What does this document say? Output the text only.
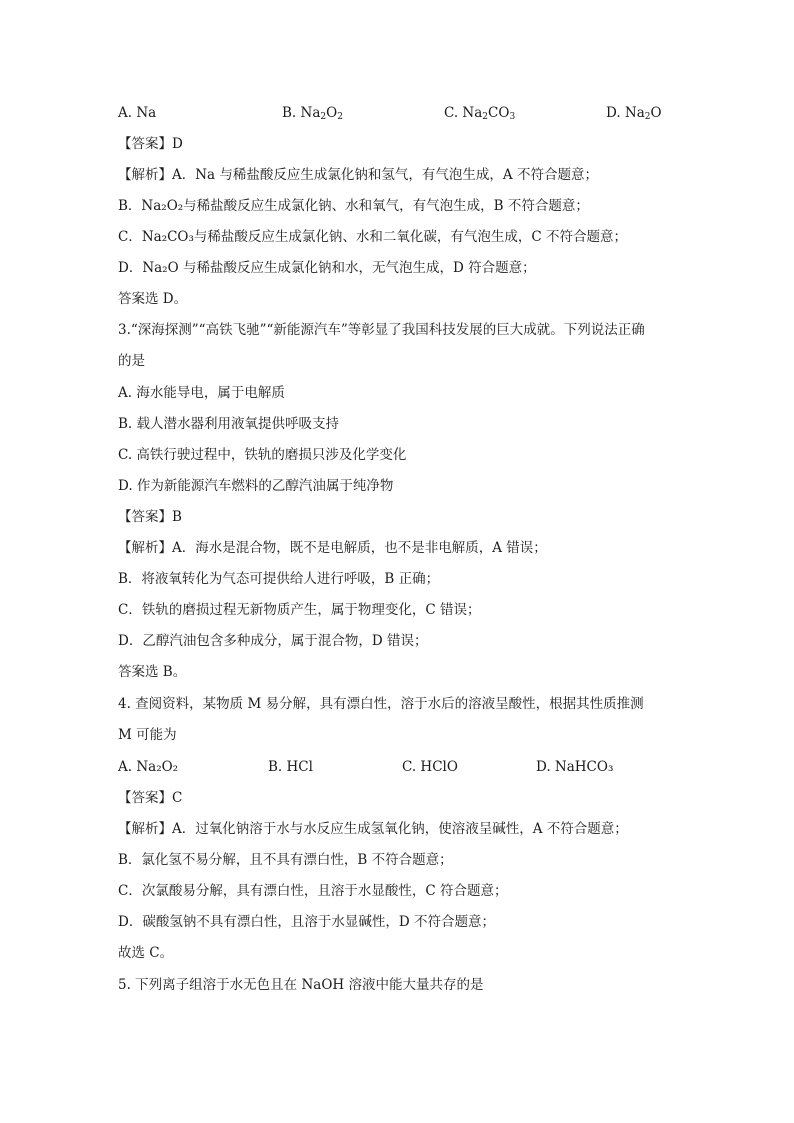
A. Na	B. $Na_2O_2$	C. $Na_2CO_3$	D. $Na_2O$
【答案】D
【解析】A．Na 与稀盐酸反应生成氯化钠和氢气，有气泡生成，A 不符合题意；
B．Na₂O₂与稀盐酸反应生成氯化钠、水和氧气，有气泡生成，B 不符合题意；
C．Na₂CO₃与稀盐酸反应生成氯化钠、水和二氧化碳，有气泡生成，C 不符合题意；
D．Na₂O 与稀盐酸反应生成氯化钠和水，无气泡生成，D 符合题意；
答案选 D。
3.“深海探测”“高铁飞驰”“新能源汽车”等彰显了我国科技发展的巨大成就。下列说法正确
的是
A. 海水能导电，属于电解质
B. 载人潜水器利用液氧提供呼吸支持
C. 高铁行驶过程中，铁轨的磨损只涉及化学变化
D. 作为新能源汽车燃料的乙醇汽油属于纯净物
【答案】B
【解析】A．海水是混合物，既不是电解质，也不是非电解质，A 错误；
B．将液氧转化为气态可提供给人进行呼吸，B 正确；
C．铁轨的磨损过程无新物质产生，属于物理变化，C 错误；
D．乙醇汽油包含多种成分，属于混合物，D 错误；
答案选 B。
4. 查阅资料，某物质 M 易分解，具有漂白性，溶于水后的溶液呈酸性，根据其性质推测
M 可能为
A. Na₂O₂	B. HCl	C. HClO	D. NaHCO₃
【答案】C
【解析】A．过氧化钠溶于水与水反应生成氢氧化钠，使溶液呈碱性，A 不符合题意；
B．氯化氢不易分解，且不具有漂白性，B 不符合题意；
C．次氯酸易分解，具有漂白性，且溶于水显酸性，C 符合题意；
D．碳酸氢钠不具有漂白性，且溶于水显碱性，D 不符合题意；
故选 C。
5. 下列离子组溶于水无色且在 NaOH 溶液中能大量共存的是
